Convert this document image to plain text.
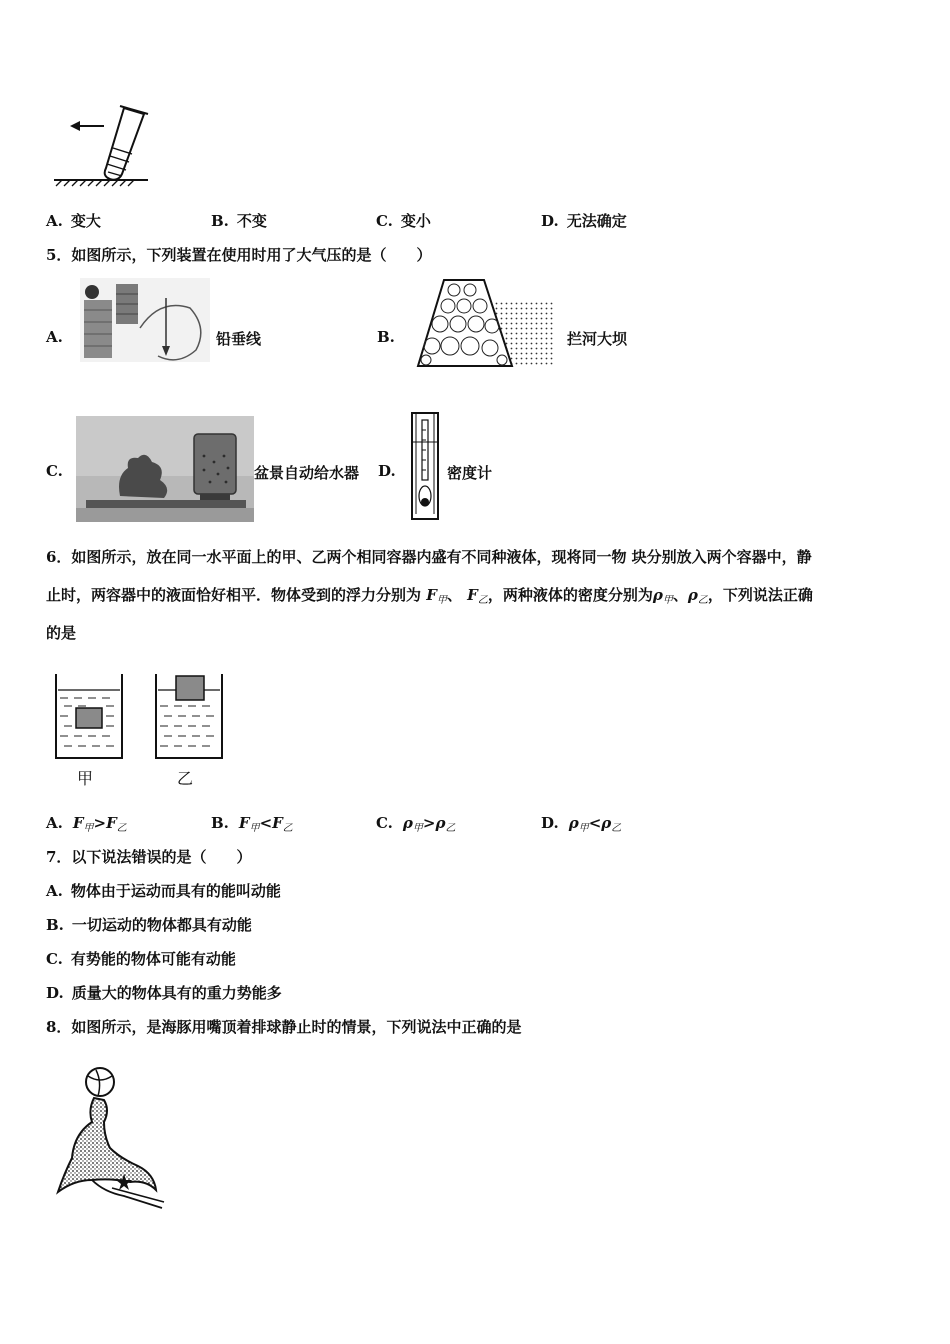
A. 变大	B. 不变	C. 变小	D. 无法确定
5．如图所示，下列装置在使用时用了大气压的是（　　）
A.	铅垂线	B.	拦河大坝
C.	盆景自动给水器 D.	密度计
6．如图所示，放在同一水平面上的甲、乙两个相同容器内盛有不同种液体，现将同一物 块分别放入两个容器中，静
止时，两容器中的液面恰好相平．物体受到的浮力分别为 $F_甲$、 $F_乙$，两种液体的密度分别为$\rho_甲$、$\rho_乙$，下列说法正确
的是
甲	乙
A. $F_甲>F_乙$	B. $F_甲<F_乙$	C. $\rho_甲>\rho_乙$	D. $\rho_甲<\rho_乙$
7．以下说法错误的是（　　）
A. 物体由于运动而具有的能叫动能
B. 一切运动的物体都具有动能
C. 有势能的物体可能有动能
D. 质量大的物体具有的重力势能多
8．如图所示，是海豚用嘴顶着排球静止时的情景，下列说法中正确的是
